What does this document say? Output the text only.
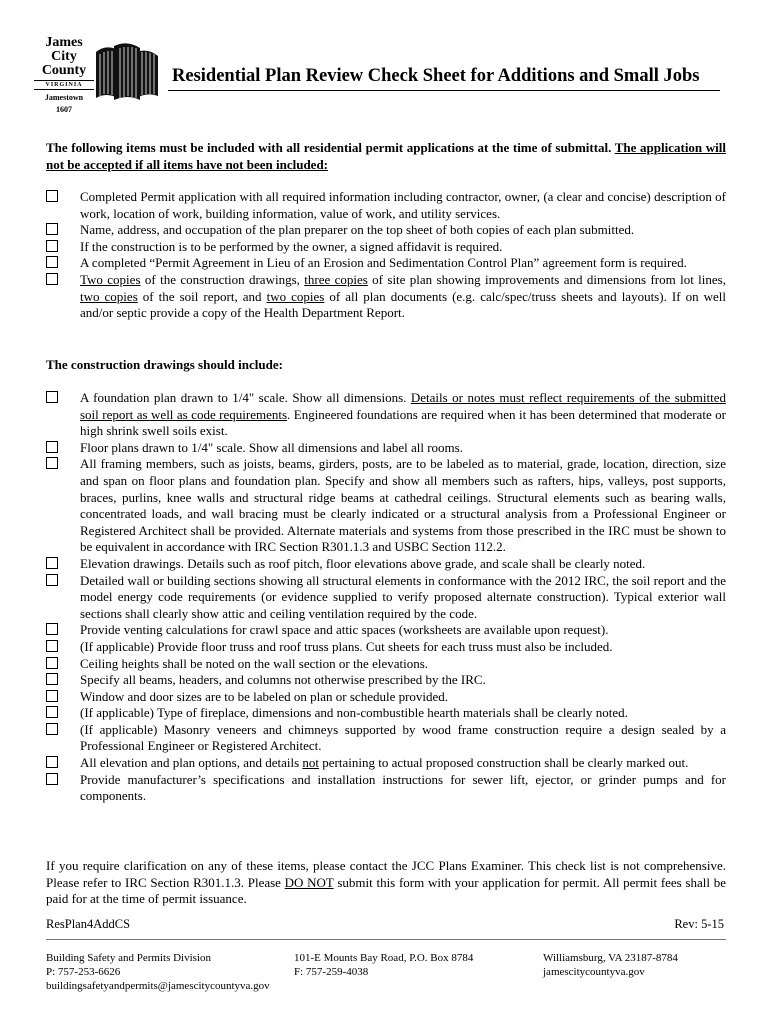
James
City
County
VIRGINIA
Jamestown
1607
Residential Plan Review Check Sheet for Additions and Small Jobs
The following items must be included with all residential permit applications at the time of submittal. The application will not be accepted if all items have not been included:
Completed Permit application with all required information including contractor, owner, (a clear and concise) description of work, location of work, building information, value of work, and utility services.
Name, address, and occupation of the plan preparer on the top sheet of both copies of each plan submitted.
If the construction is to be performed by the owner, a signed affidavit is required.
A completed “Permit Agreement in Lieu of an Erosion and Sedimentation Control Plan” agreement form is required.
Two copies of the construction drawings, three copies of site plan showing improvements and dimensions from lot lines, two copies of the soil report, and two copies of all plan documents (e.g. calc/spec/truss sheets and layouts). If on well and/or septic provide a copy of the Health Department Report.
The construction drawings should include:
A foundation plan drawn to 1/4" scale. Show all dimensions. Details or notes must reflect requirements of the submitted soil report as well as code requirements. Engineered foundations are required when it has been determined that moderate or high shrink swell soils exist.
Floor plans drawn to 1/4" scale. Show all dimensions and label all rooms.
All framing members, such as joists, beams, girders, posts, are to be labeled as to material, grade, location, direction, size and span on floor plans and foundation plan. Specify and show all members such as rafters, hips, valleys, post supports, braces, purlins, knee walls and structural ridge beams at cathedral ceilings. Structural elements such as bearing walls, concentrated loads, and wall bracing must be clearly indicated or a structural analysis from a Professional Engineer or Registered Architect shall be provided. Alternate materials and systems from those prescribed in the IRC must be shown to be equivalent in accordance with IRC Section R301.1.3 and USBC Section 112.2.
Elevation drawings. Details such as roof pitch, floor elevations above grade, and scale shall be clearly noted.
Detailed wall or building sections showing all structural elements in conformance with the 2012 IRC, the soil report and the model energy code requirements (or evidence supplied to verify proposed alternate construction). Typical exterior wall sections shall clearly show attic and ceiling ventilation required by the code.
Provide venting calculations for crawl space and attic spaces (worksheets are available upon request).
(If applicable) Provide floor truss and roof truss plans. Cut sheets for each truss must also be included.
Ceiling heights shall be noted on the wall section or the elevations.
Specify all beams, headers, and columns not otherwise prescribed by the IRC.
Window and door sizes are to be labeled on plan or schedule provided.
(If applicable) Type of fireplace, dimensions and non-combustible hearth materials shall be clearly noted.
(If applicable) Masonry veneers and chimneys supported by wood frame construction require a design sealed by a Professional Engineer or Registered Architect.
All elevation and plan options, and details not pertaining to actual proposed construction shall be clearly marked out.
Provide manufacturer’s specifications and installation instructions for sewer lift, ejector, or grinder pumps and for components.
If you require clarification on any of these items, please contact the JCC Plans Examiner. This check list is not comprehensive. Please refer to IRC Section R301.1.3. Please DO NOT submit this form with your application for permit. All permit fees shall be paid for at the time of permit issuance.
ResPlan4AddCS	Rev: 5-15
Building Safety and Permits Division
P: 757-253-6626
buildingsafetyandpermits@jamescitycountyva.gov
101-E Mounts Bay Road, P.O. Box 8784
F: 757-259-4038
Williamsburg, VA 23187-8784
jamescitycountyva.gov
